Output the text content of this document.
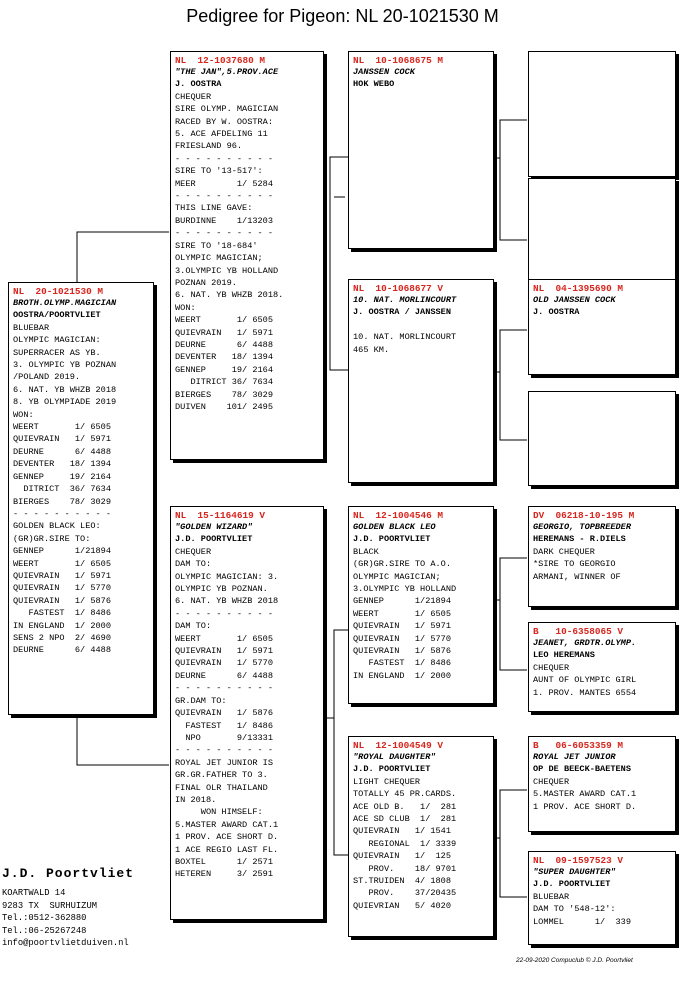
Pedigree for Pigeon: NL 20-1021530 M
NL  20-1021530 M
BROTH.OLYMP.MAGICIAN
OOSTRA/POORTVLIET
BLUEBAR
OLYMPIC MAGICIAN:
SUPERRACER AS YB.
3. OLYMPIC YB POZNAN
/POLAND 2019.
6. NAT. YB WHZB 2018
8. YB OLYMPIADE 2019
WON:
WEERT       1/ 6505
QUIEVRAIN   1/ 5971
DEURNE      6/ 4488
DEVENTER   18/ 1394
GENNEP     19/ 2164
DITRICT  36/ 7634
BIERGES    78/ 3029
- - - - - - - - - -
GOLDEN BLACK LEO:
(GR)GR.SIRE TO:
GENNEP      1/21894
WEERT       1/ 6505
QUIEVRAIN   1/ 5971
QUIEVRAIN   1/ 5770
QUIEVRAIN   1/ 5876
FASTEST  1/ 8486
IN ENGLAND  1/ 2000
SENS 2 NPO  2/ 4690
DEURNE      6/ 4488
NL  12-1037680 M
"THE JAN",5.PROV.ACE
J. OOSTRA
CHEQUER
SIRE OLYMP. MAGICIAN
RACED BY W. OOSTRA:
5. ACE AFDELING 11
FRIESLAND 96.
- - - - - - - - - -
SIRE TO '13-517':
MEER        1/ 5284
- - - - - - - - - -
THIS LINE GAVE:
BURDINNE    1/13203
- - - - - - - - - -
SIRE TO '18-684'
OLYMPIC MAGICIAN;
3.OLYMPIC YB HOLLAND
POZNAN 2019.
6. NAT. YB WHZB 2018.
WON:
WEERT       1/ 6505
QUIEVRAIN   1/ 5971
DEURNE      6/ 4488
DEVENTER   18/ 1394
GENNEP     19/ 2164
DITRICT 36/ 7634
BIERGES    78/ 3029
DUIVEN    101/ 2495
NL  15-1164619 V
"GOLDEN WIZARD"
J.D. POORTVLIET
CHEQUER
DAM TO:
OLYMPIC MAGICIAN: 3.
OLYMPIC YB POZNAN.
6. NAT. YB WHZB 2018
- - - - - - - - - -
DAM TO:
WEERT       1/ 6505
QUIEVRAIN   1/ 5971
QUIEVRAIN   1/ 5770
DEURNE      6/ 4488
- - - - - - - - - -
GR.DAM TO:
QUIEVRAIN   1/ 5876
FASTEST   1/ 8486
NPO       9/13331
- - - - - - - - - -
ROYAL JET JUNIOR IS
GR.GR.FATHER TO 3.
FINAL OLR THAILAND
IN 2018.
WON HIMSELF:
5.MASTER AWARD CAT.1
1 PROV. ACE SHORT D.
1 ACE REGIO LAST FL.
BOXTEL      1/ 2571
HETEREN     3/ 2591
NL  10-1068675 M
JANSSEN COCK
HOK WEBO
NL  10-1068677 V
10. NAT. MORLINCOURT
J. OOSTRA / JANSSEN

10. NAT. MORLINCOURT
465 KM.
NL  12-1004546 M
GOLDEN BLACK LEO
J.D. POORTVLIET
BLACK
(GR)GR.SIRE TO A.O.
OLYMPIC MAGICIAN;
3.OLYMPIC YB HOLLAND
GENNEP      1/21894
WEERT       1/ 6505
QUIEVRAIN   1/ 5971
QUIEVRAIN   1/ 5770
QUIEVRAIN   1/ 5876
FASTEST  1/ 8486
IN ENGLAND  1/ 2000
NL  12-1004549 V
"ROYAL DAUGHTER"
J.D. POORTVLIET
LIGHT CHEQUER
TOTALLY 45 PR.CARDS.
ACE OLD B.   1/  281
ACE SD CLUB  1/  281
QUIEVRAIN   1/ 1541
REGIONAL  1/ 3339
QUIEVRAIN   1/  125
PROV.    18/ 9701
ST.TRUIDEN  4/ 1808
PROV.    37/20435
QUIEVRIAN   5/ 4020
NL  04-1395690 M
OLD JANSSEN COCK
J. OOSTRA
DV  06218-10-195 M
GEORGIO, TOPBREEDER
HEREMANS - R.DIELS
DARK CHEQUER
*SIRE TO GEORGIO
ARMANI, WINNER OF
B   10-6358065 V
JEANET, GRDTR.OLYMP.
LEO HEREMANS
CHEQUER
AUNT OF OLYMPIC GIRL
1. PROV. MANTES 6554
B   06-6053359 M
ROYAL JET JUNIOR
OP DE BEECK-BAETENS
CHEQUER
5.MASTER AWARD CAT.1
1 PROV. ACE SHORT D.
NL  09-1597523 V
"SUPER DAUGHTER"
J.D. POORTVLIET
BLUEBAR
DAM TO '548-12':
LOMMEL      1/  339
J.D. Poortvliet
KOARTWALD 14
9283 TX  SURHUIZUM
Tel.:0512-362880
Tel.:06-25267248
info@poortvlietduiven.nl
22-09-2020 Compuclub © J.D. Poortvliet
